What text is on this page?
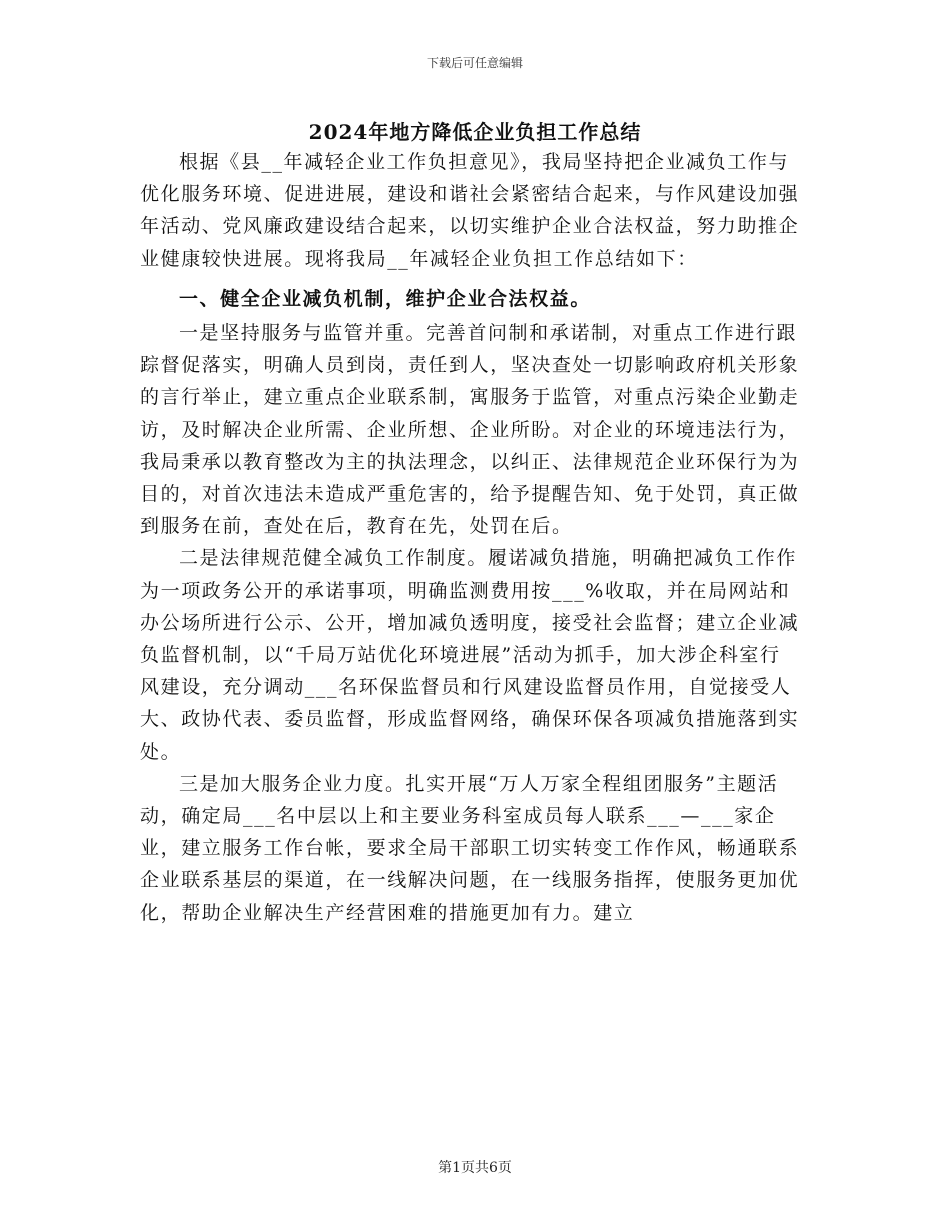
下载后可任意编辑
2024年地方降低企业负担工作总结

根据《县__年减轻企业工作负担意见》，我局坚持把企业减负工作与优化服务环境、促进进展，建设和谐社会紧密结合起来，与作风建设加强年活动、党风廉政建设结合起来，以切实维护企业合法权益，努力助推企业健康较快进展。现将我局__年减轻企业负担工作总结如下：

一、健全企业减负机制，维护企业合法权益。

一是坚持服务与监管并重。完善首问制和承诺制，对重点工作进行跟踪督促落实，明确人员到岗，责任到人，坚决查处一切影响政府机关形象的言行举止，建立重点企业联系制，寓服务于监管，对重点污染企业勤走访，及时解决企业所需、企业所想、企业所盼。对企业的环境违法行为，我局秉承以教育整改为主的执法理念，以纠正、法律规范企业环保行为为目的，对首次违法未造成严重危害的，给予提醒告知、免于处罚，真正做到服务在前，查处在后，教育在先，处罚在后。

二是法律规范健全减负工作制度。履诺减负措施，明确把减负工作作为一项政务公开的承诺事项，明确监测费用按___%收取，并在局网站和办公场所进行公示、公开，增加减负透明度，接受社会监督；建立企业减负监督机制，以“千局万站优化环境进展”活动为抓手，加大涉企科室行风建设，充分调动___名环保监督员和行风建设监督员作用，自觉接受人大、政协代表、委员监督，形成监督网络，确保环保各项减负措施落到实处。

三是加大服务企业力度。扎实开展“万人万家全程组团服务”主题活动，确定局___名中层以上和主要业务科室成员每人联系___—___家企业，建立服务工作台帐，要求全局干部职工切实转变工作作风，畅通联系企业联系基层的渠道，在一线解决问题，在一线服务指挥，使服务更加优化，帮助企业解决生产经营困难的措施更加有力。建立

第1页共6页
